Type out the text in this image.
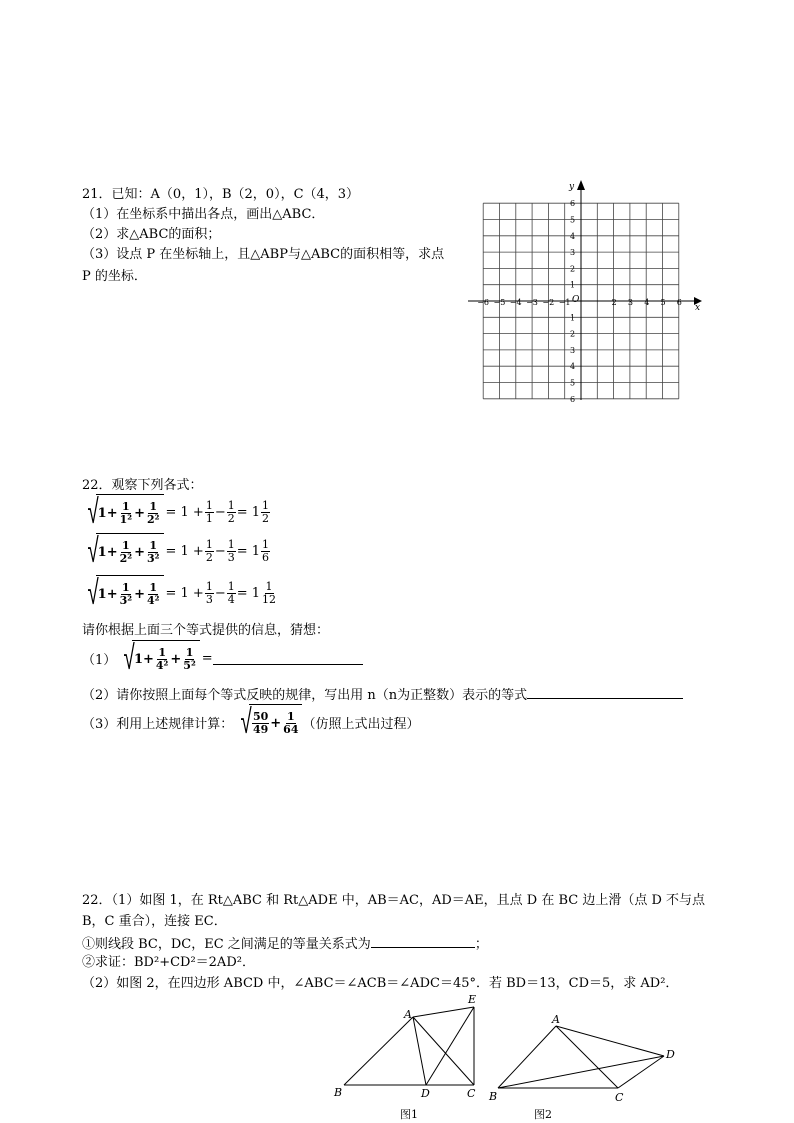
21．已知：A（0，1），B（2，0），C（4，3）
（1）在坐标系中描出各点，画出△ABC．
（2）求△ABC的面积；
（3）设点 P 在坐标轴上，且△ABP与△ABC的面积相等，求点
P 的坐标．
x
y
O
−6 −5 −4 −3 −2 −1	2 3 4 5 6
6
5
4
3
2
1
1
2
3
4
5
6
22．观察下列各式：
√ $1 + \frac{1}{\text{1²}} + \frac{1}{\text{2²}} = 1 + \frac{1}{1} - \frac{1}{2} = 1 \frac{1}{2}$
√ $1 + \frac{1}{\text{2²}} + \frac{1}{\text{3²}} = 1 + \frac{1}{2} - \frac{1}{3} = 1 \frac{1}{6}$
√ $1 + \frac{1}{\text{3²}} + \frac{1}{\text{4²}} = 1 + \frac{1}{3} - \frac{1}{4} = 1 \frac{1}{12}$
请你根据上面三个等式提供的信息，猜想：
（1） √ $1 + \frac{1}{\text{4²}} + \frac{1}{\text{5²}}$ =
（2）请你按照上面每个等式反映的规律，写出用 n（n为正整数）表示的等式
（3）利用上述规律计算： √ $\frac{50}{49} + \frac{1}{64}$ （仿照上式出过程）
22．（1）如图 1，在 Rt△ABC 和 Rt△ADE 中，AB＝AC，AD＝AE，且点 D 在 BC 边上滑（点 D 不与点
B，C 重合），连接 EC．
①则线段 BC，DC，EC 之间满足的等量关系式为	；
②求证：BD²+CD²＝2AD²．
（2）如图 2，在四边形 ABCD 中，∠ABC＝∠ACB＝∠ADC＝45°．若 BD＝13，CD＝5，求 AD²．
A
B	C
D
E
图1
A
B	C
D
图2
